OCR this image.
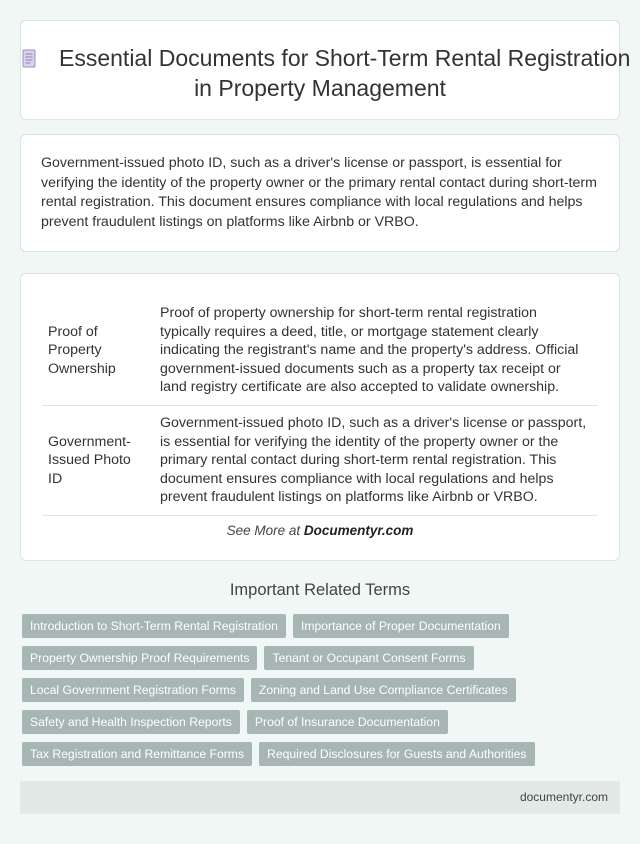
Essential Documents for Short-Term Rental Registration
in Property Management

Government-issued photo ID, such as a driver's license or passport, is essential for verifying the identity of the property owner or the primary rental contact during short-term rental registration. This document ensures compliance with local regulations and helps prevent fraudulent listings on platforms like Airbnb or VRBO.

Proof of Property Ownership	Proof of property ownership for short-term rental registration typically requires a deed, title, or mortgage statement clearly indicating the registrant's name and the property's address. Official government-issued documents such as a property tax receipt or land registry certificate are also accepted to validate ownership.
Government-Issued Photo ID	Government-issued photo ID, such as a driver's license or passport, is essential for verifying the identity of the property owner or the primary rental contact during short-term rental registration. This document ensures compliance with local regulations and helps prevent fraudulent listings on platforms like Airbnb or VRBO.
See More at Documentyr.com
Important Related Terms
Introduction to Short-Term Rental Registration	Importance of Proper Documentation
Property Ownership Proof Requirements	Tenant or Occupant Consent Forms
Local Government Registration Forms	Zoning and Land Use Compliance Certificates
Safety and Health Inspection Reports	Proof of Insurance Documentation
Tax Registration and Remittance Forms	Required Disclosures for Guests and Authorities
documentyr.com
